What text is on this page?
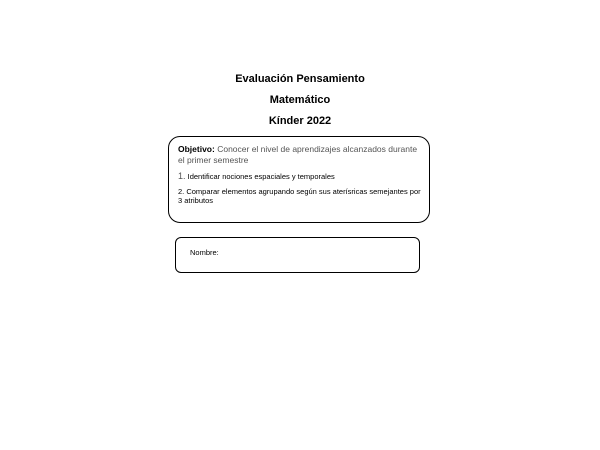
Evaluación Pensamiento
Matemático
Kínder 2022

Objetivo: Conocer el nivel de aprendizajes alcanzados durante el primer semestre

1. Identificar nociones espaciales y temporales
2. Comparar elementos agrupando según sus aterísricas semejantes por 3 atributos
Nombre:
